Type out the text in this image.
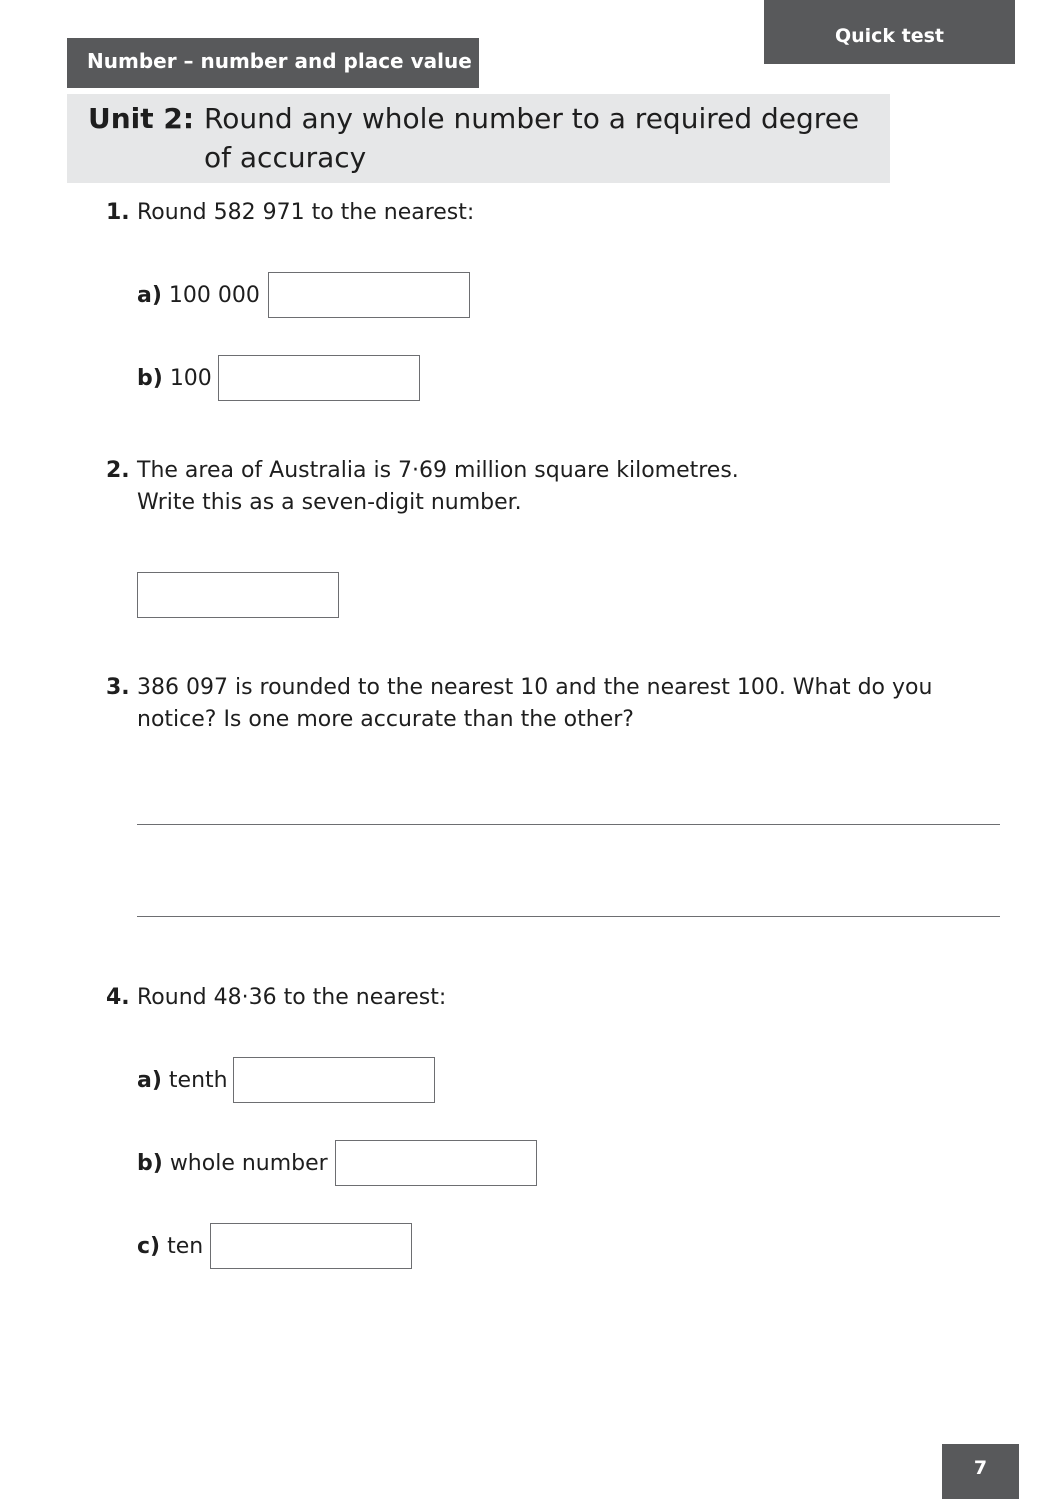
Quick test
Number – number and place value
Unit 2: Round any whole number to a required degree of accuracy
1. Round 582 971 to the nearest:
a) 100 000
b) 100
2. The area of Australia is 7·69 million square kilometres.
Write this as a seven-digit number.
3. 386 097 is rounded to the nearest 10 and the nearest 100. What do you
notice? Is one more accurate than the other?
4. Round 48·36 to the nearest:
a) tenth
b) whole number
c) ten
7
